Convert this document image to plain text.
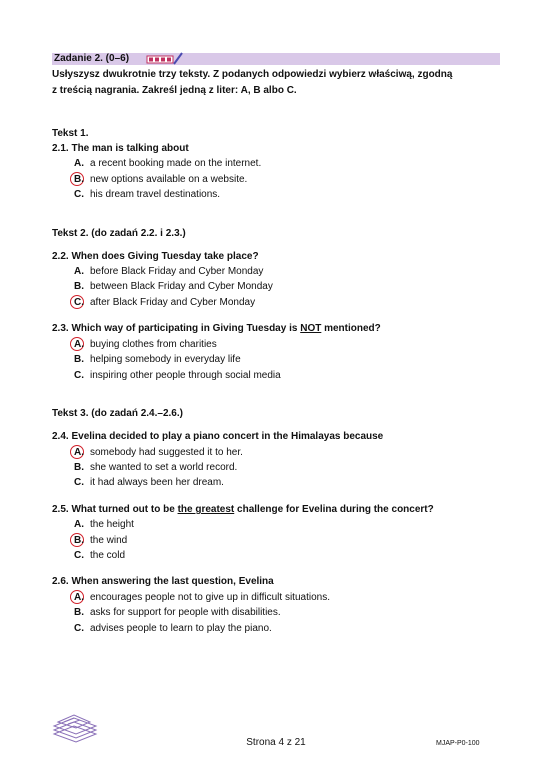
Zadanie 2. (0–6)
Usłyszysz dwukrotnie trzy teksty. Z podanych odpowiedzi wybierz właściwą, zgodną
z treścią nagrania. Zakreśl jedną z liter: A, B albo C.
Tekst 1.
2.1. The man is talking about
A. a recent booking made on the internet.
B. new options available on a website.
C. his dream travel destinations.
Tekst 2. (do zadań 2.2. i 2.3.)
2.2. When does Giving Tuesday take place?
A. before Black Friday and Cyber Monday
B. between Black Friday and Cyber Monday
C. after Black Friday and Cyber Monday
2.3. Which way of participating in Giving Tuesday is NOT mentioned?
A. buying clothes from charities
B. helping somebody in everyday life
C. inspiring other people through social media
Tekst 3. (do zadań 2.4.–2.6.)
2.4. Evelina decided to play a piano concert in the Himalayas because
A. somebody had suggested it to her.
B. she wanted to set a world record.
C. it had always been her dream.
2.5. What turned out to be the greatest challenge for Evelina during the concert?
A. the height
B. the wind
C. the cold
2.6. When answering the last question, Evelina
A. encourages people not to give up in difficult situations.
B. asks for support for people with disabilities.
C. advises people to learn to play the piano.
Strona 4 z 21	MJAP-P0-100
